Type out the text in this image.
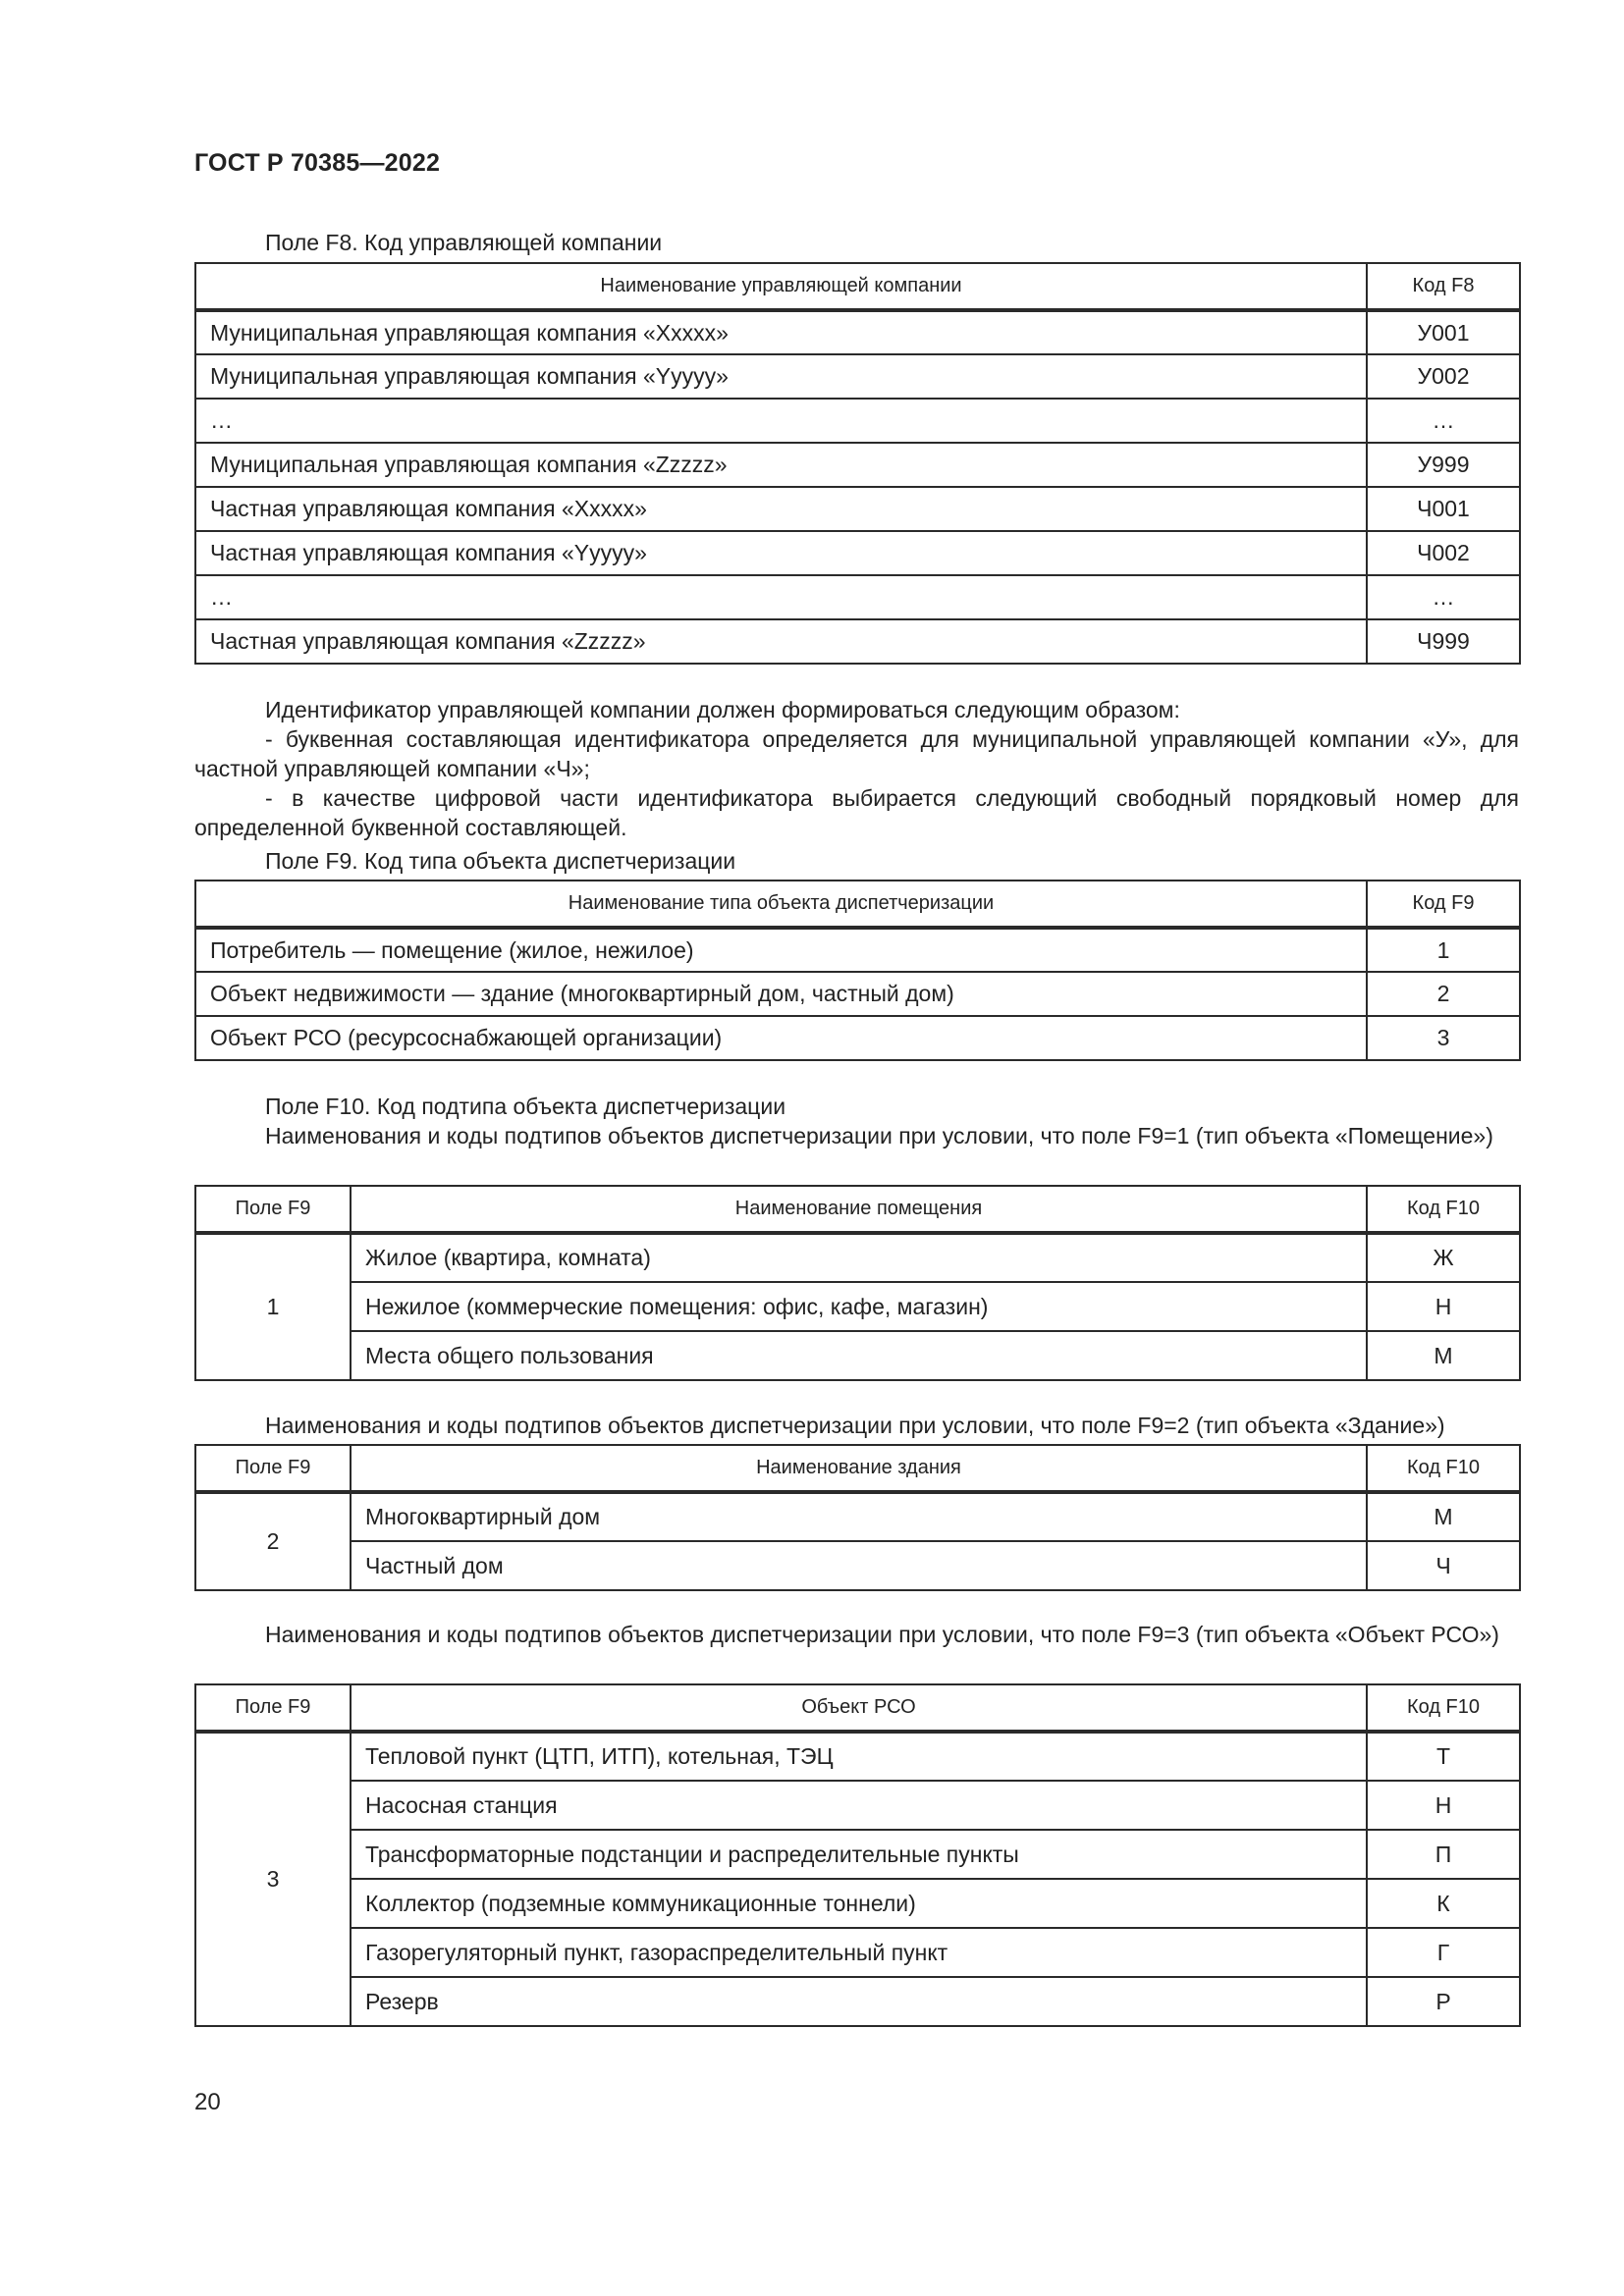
ГОСТ Р 70385—2022
Поле F8. Код управляющей компании
Наименование управляющей компании	Код F8
Муниципальная управляющая компания «Xxxxx»	У001
Муниципальная управляющая компания «Yyyyy»	У002
…	…
Муниципальная управляющая компания «Zzzzz»	У999
Частная управляющая компания «Xxxxx»	Ч001
Частная управляющая компания «Yyyyy»	Ч002
…	…
Частная управляющая компания «Zzzzz»	Ч999
Идентификатор управляющей компании должен формироваться следующим образом:
- буквенная составляющая идентификатора определяется для муниципальной управляющей компании «У», для частной управляющей компании «Ч»;
- в качестве цифровой части идентификатора выбирается следующий свободный порядковый номер для определенной буквенной составляющей.
Поле F9. Код типа объекта диспетчеризации
Наименование типа объекта диспетчеризации	Код F9
Потребитель — помещение (жилое, нежилое)	1
Объект недвижимости — здание (многоквартирный дом, частный дом)	2
Объект РСО (ресурсоснабжающей организации)	3
Поле F10. Код подтипа объекта диспетчеризации
Наименования и коды подтипов объектов диспетчеризации при условии, что поле F9=1 (тип объекта «Помещение»)
Поле F9	Наименование помещения	Код F10
1	Жилое (квартира, комната)	Ж
	Нежилое (коммерческие помещения: офис, кафе, магазин)	Н
	Места общего пользования	М
Наименования и коды подтипов объектов диспетчеризации при условии, что поле F9=2 (тип объекта «Здание»)
Поле F9	Наименование здания	Код F10
2	Многоквартирный дом	М
	Частный дом	Ч
Наименования и коды подтипов объектов диспетчеризации при условии, что поле F9=3 (тип объекта «Объект РСО»)
Поле F9	Объект РСО	Код F10
3	Тепловой пункт (ЦТП, ИТП), котельная, ТЭЦ	Т
	Насосная станция	Н
	Трансформаторные подстанции и распределительные пункты	П
	Коллектор (подземные коммуникационные тоннели)	К
	Газорегуляторный пункт, газораспределительный пункт	Г
	Резерв	Р
20
